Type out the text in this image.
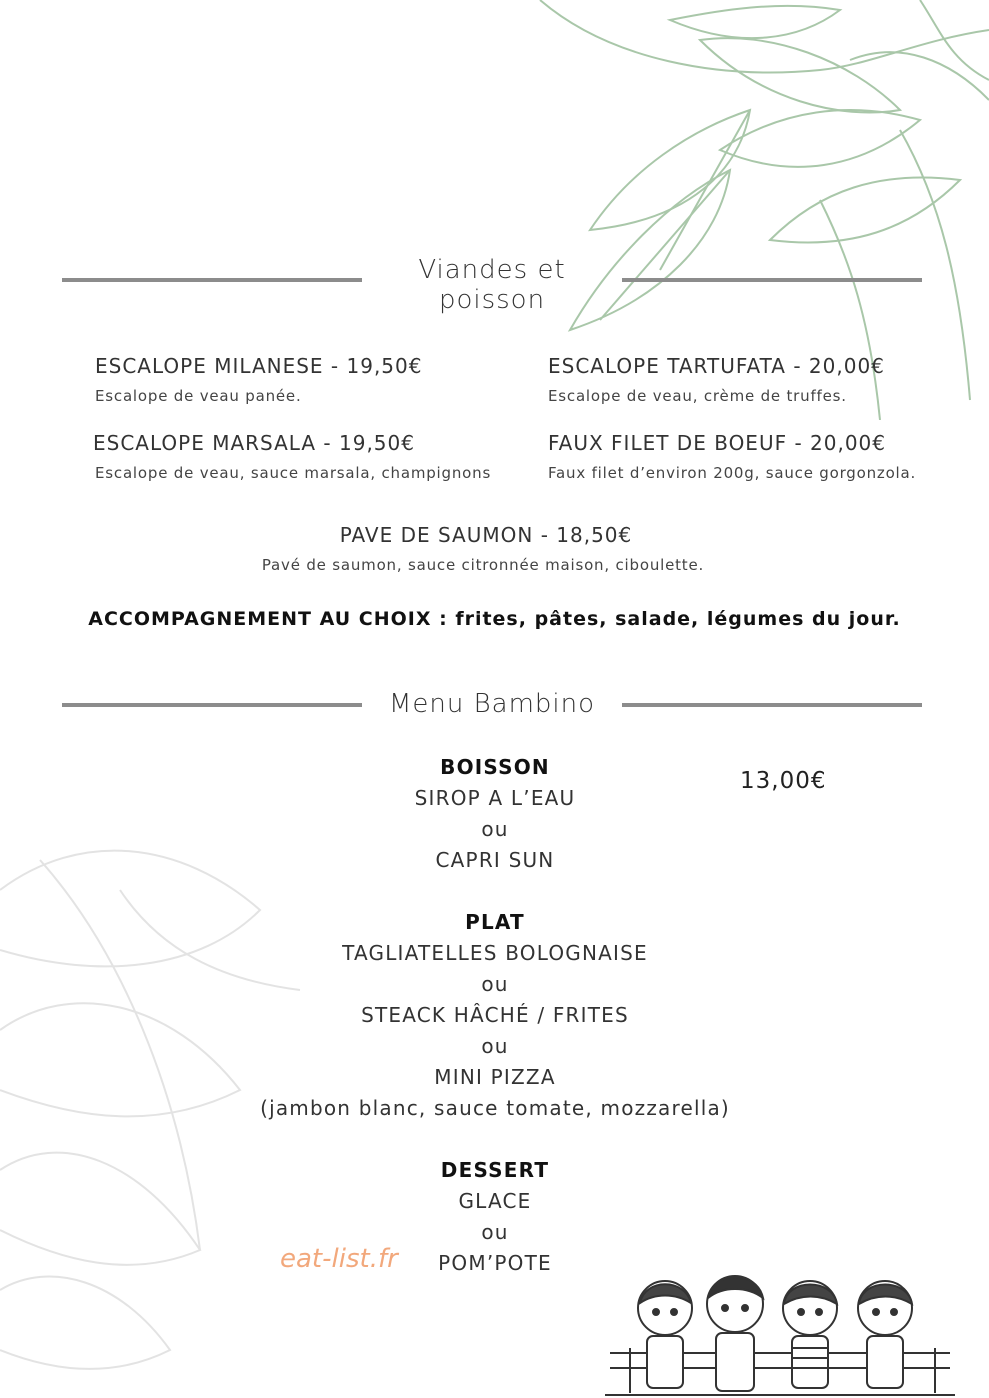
Viandes et
poisson
ESCALOPE MILANESE - 19,50€
Escalope de veau panée.
ESCALOPE TARTUFATA - 20,00€
Escalope de veau, crème de truffes.
ESCALOPE MARSALA - 19,50€
Escalope de veau, sauce marsala, champignons
FAUX FILET DE BOEUF - 20,00€
Faux filet d’environ 200g, sauce gorgonzola.
PAVE DE SAUMON - 18,50€
Pavé de saumon, sauce citronnée maison, ciboulette.
ACCOMPAGNEMENT AU CHOIX : frites, pâtes, salade, légumes du jour.
Menu Bambino
13,00€
BOISSON
SIROP A L’EAU
ou
CAPRI SUN
PLAT
TAGLIATELLES BOLOGNAISE
ou
STEACK HÂCHÉ / FRITES
ou
MINI PIZZA
(jambon blanc, sauce tomate, mozzarella)
DESSERT
GLACE
ou
POM’POTE
eat-list.fr
